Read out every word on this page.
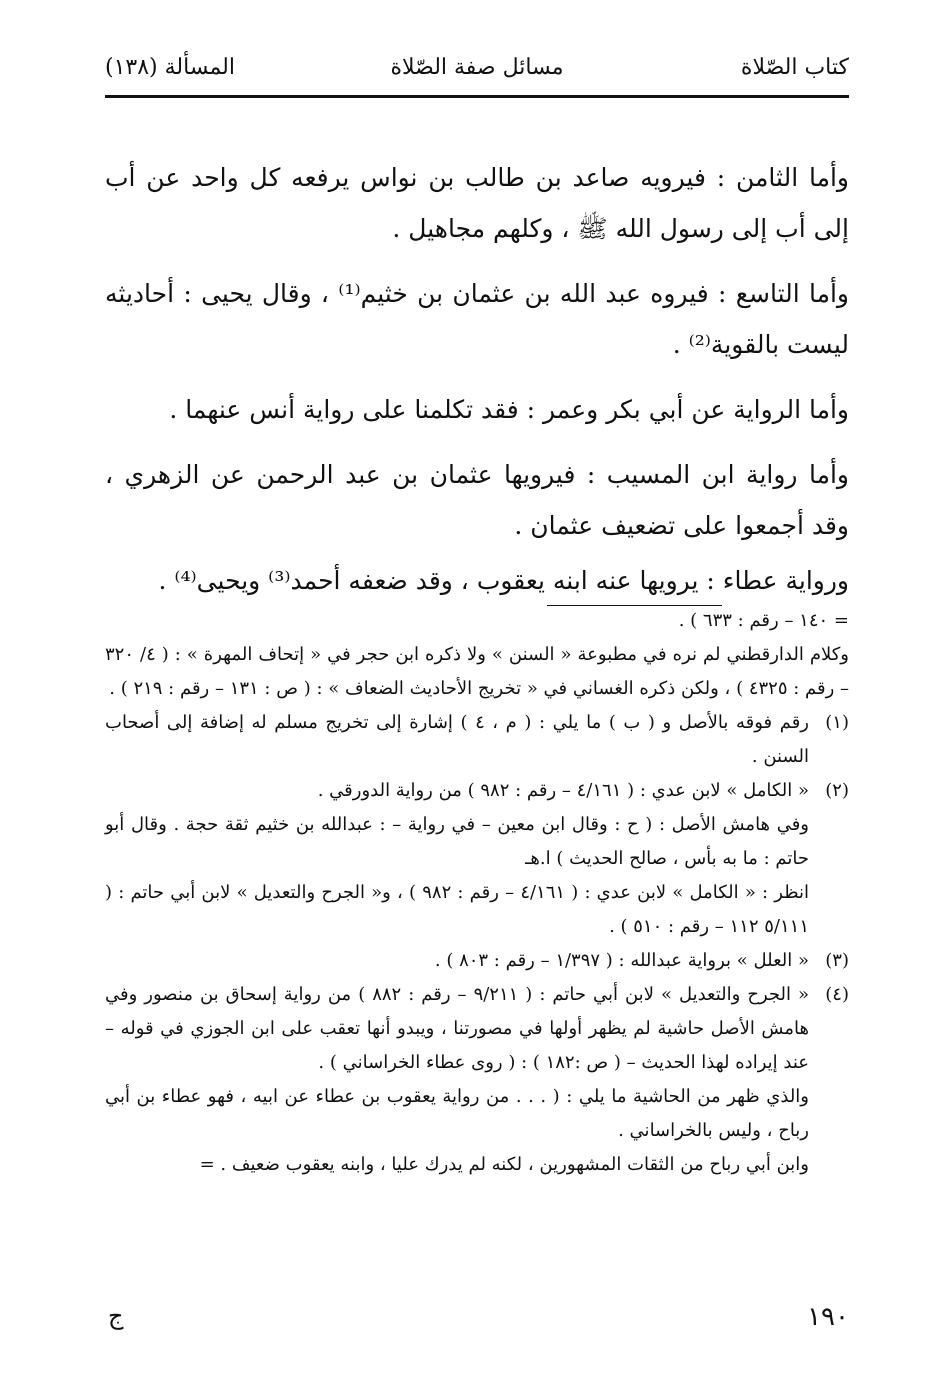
كتاب الصّلاة
مسائل صفة الصّلاة
المسألة (١٣٨)

وأما الثامن : فيرويه صاعد بن طالب بن نواس يرفعه كل واحد عن أب إلى أب إلى رسول الله ﷺ ، وكلهم مجاهيل .

وأما التاسع : فيروه عبد الله بن عثمان بن خثيم⁽¹⁾ ، وقال يحيى : أحاديثه ليست بالقوية⁽²⁾ .

وأما الرواية عن أبي بكر وعمر : فقد تكلمنا على رواية أنس عنهما .

وأما رواية ابن المسيب : فيرويها عثمان بن عبد الرحمن عن الزهري ، وقد أجمعوا على تضعيف عثمان .

ورواية عطاء : يرويها عنه ابنه يعقوب ، وقد ضعفه أحمد⁽³⁾ ويحيى⁽⁴⁾ .

= ١٤٠ – رقم : ٦٣٣ ) .
وكلام الدارقطني لم نره في مطبوعة « السنن » ولا ذكره ابن حجر في « إتحاف المهرة » : ( ٤/ ٣٢٠ – رقم : ٤٣٢٥ ) ، ولكن ذكره الغساني في « تخريج الأحاديث الضعاف » : ( ص : ١٣١ – رقم : ٢١٩ ) .
(١)
رقم فوقه بالأصل و ( ب ) ما يلي : ( م ، ٤ ) إشارة إلى تخريج مسلم له إضافة إلى أصحاب السنن .
(٢)
« الكامل » لابن عدي : ( ٤/١٦١ – رقم : ٩٨٢ ) من رواية الدورقي .
وفي هامش الأصل : ( ح : وقال ابن معين – في رواية – : عبدالله بن خثيم ثقة حجة . وقال أبو حاتم : ما به بأس ، صالح الحديث ) ا.هـ
انظر : « الكامل » لابن عدي : ( ٤/١٦١ – رقم : ٩٨٢ ) ، و« الجرح والتعديل » لابن أبي حاتم : ( ٥/١١١ ١١٢ – رقم : ٥١٠ ) .
(٣)
« العلل » برواية عبدالله : ( ١/٣٩٧ – رقم : ٨٠٣ ) .
(٤)
« الجرح والتعديل » لابن أبي حاتم : ( ٩/٢١١ – رقم : ٨٨٢ ) من رواية إسحاق بن منصور وفي هامش الأصل حاشية لم يظهر أولها في مصورتنا ، ويبدو أنها تعقب على ابن الجوزي في قوله – عند إيراده لهذا الحديث – ( ص :١٨٢ ) : ( روى عطاء الخراساني ) .
والذي ظهر من الحاشية ما يلي : ( . . . من رواية يعقوب بن عطاء عن ابيه ، فهو عطاء بن أبي رباح ، وليس بالخراساني .
وابن أبي رباح من الثقات المشهورين ، لكنه لم يدرك عليا ، وابنه يعقوب ضعيف . =
١٩٠
ج
